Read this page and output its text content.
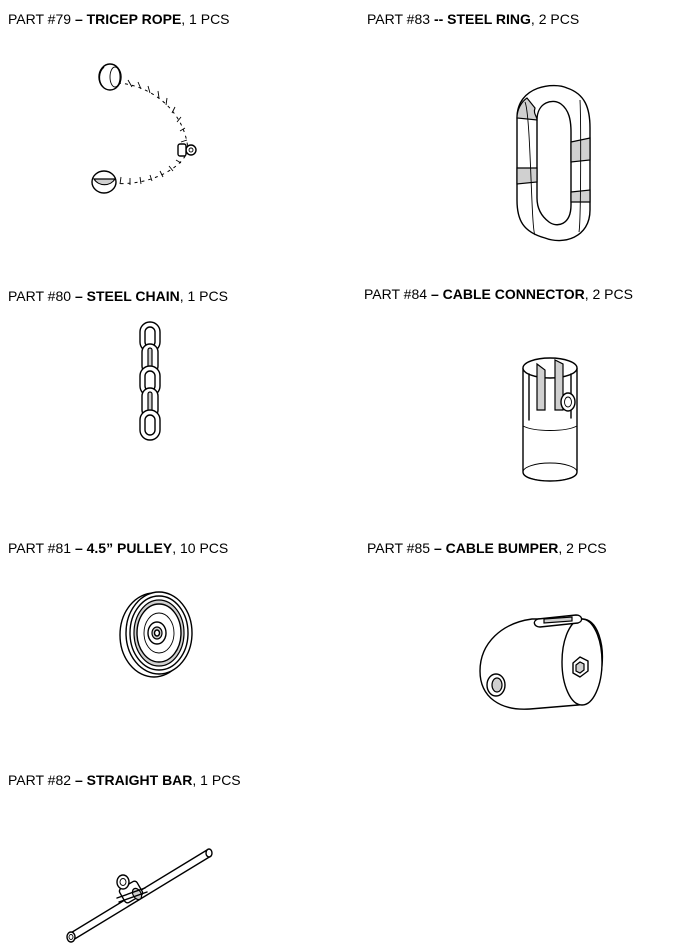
PART #79 – TRICEP ROPE, 1 PCS	PART #83 -- STEEL RING, 2 PCS
PART #80 – STEEL CHAIN, 1 PCS	PART #84 – CABLE CONNECTOR, 2 PCS
PART #81 – 4.5” PULLEY, 10 PCS	PART #85 – CABLE BUMPER, 2 PCS
PART #82 – STRAIGHT BAR, 1 PCS
